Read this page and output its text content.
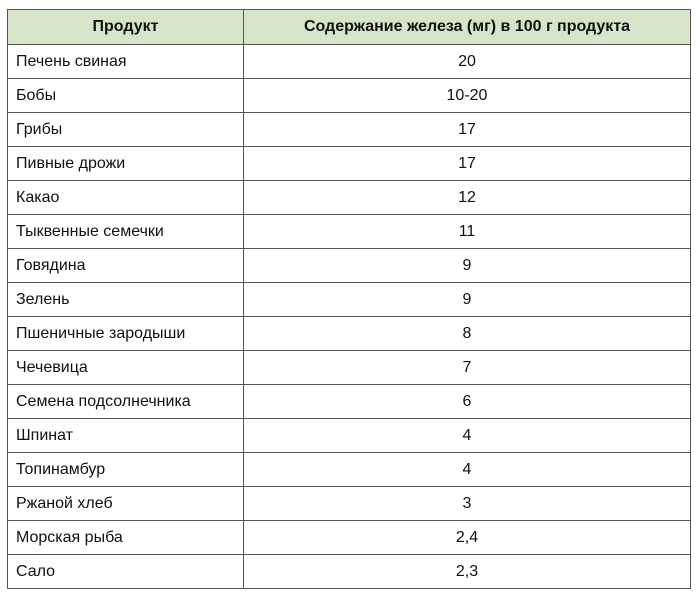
Продукт	Содержание железа (мг) в 100 г продукта
Печень свиная	20
Бобы	10-20
Грибы	17
Пивные дрожи	17
Какао	12
Тыквенные семечки	11
Говядина	9
Зелень	9
Пшеничные зародыши	8
Чечевица	7
Семена подсолнечника	6
Шпинат	4
Топинамбур	4
Ржаной хлеб	3
Морская рыба	2,4
Сало	2,3
